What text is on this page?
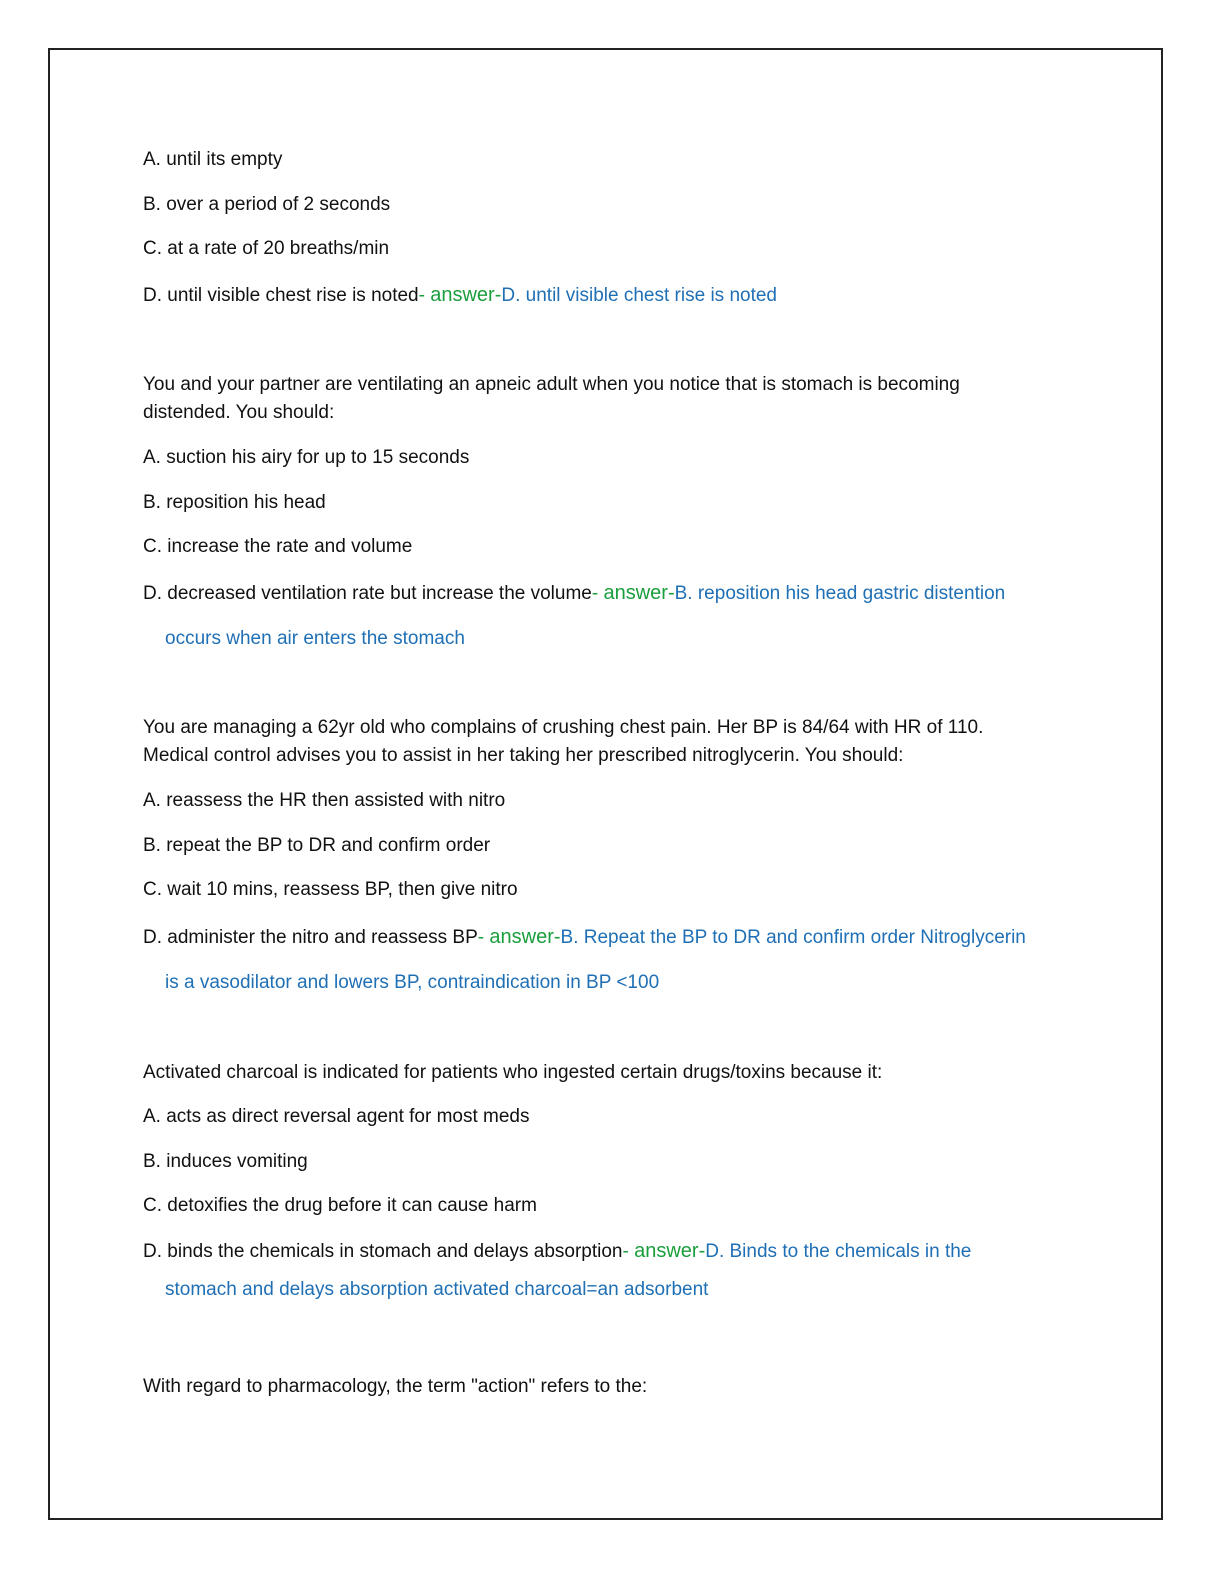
A. until its empty
B. over a period of 2 seconds
C. at a rate of 20 breaths/min
D. until visible chest rise is noted- answer-D. until visible chest rise is noted
You and your partner are ventilating an apneic adult when you notice that is stomach is becoming
distended. You should:
A. suction his airy for up to 15 seconds
B. reposition his head
C. increase the rate and volume
D. decreased ventilation rate but increase the volume- answer-B. reposition his head gastric distention
occurs when air enters the stomach
You are managing a 62yr old who complains of crushing chest pain. Her BP is 84/64 with HR of 110.
Medical control advises you to assist in her taking her prescribed nitroglycerin. You should:
A. reassess the HR then assisted with nitro
B. repeat the BP to DR and confirm order
C. wait 10 mins, reassess BP, then give nitro
D. administer the nitro and reassess BP- answer-B. Repeat the BP to DR and confirm order Nitroglycerin
is a vasodilator and lowers BP, contraindication in BP <100
Activated charcoal is indicated for patients who ingested certain drugs/toxins because it:
A. acts as direct reversal agent for most meds
B. induces vomiting
C. detoxifies the drug before it can cause harm
D. binds the chemicals in stomach and delays absorption- answer-D. Binds to the chemicals in the
stomach and delays absorption activated charcoal=an adsorbent
With regard to pharmacology, the term "action" refers to the:
